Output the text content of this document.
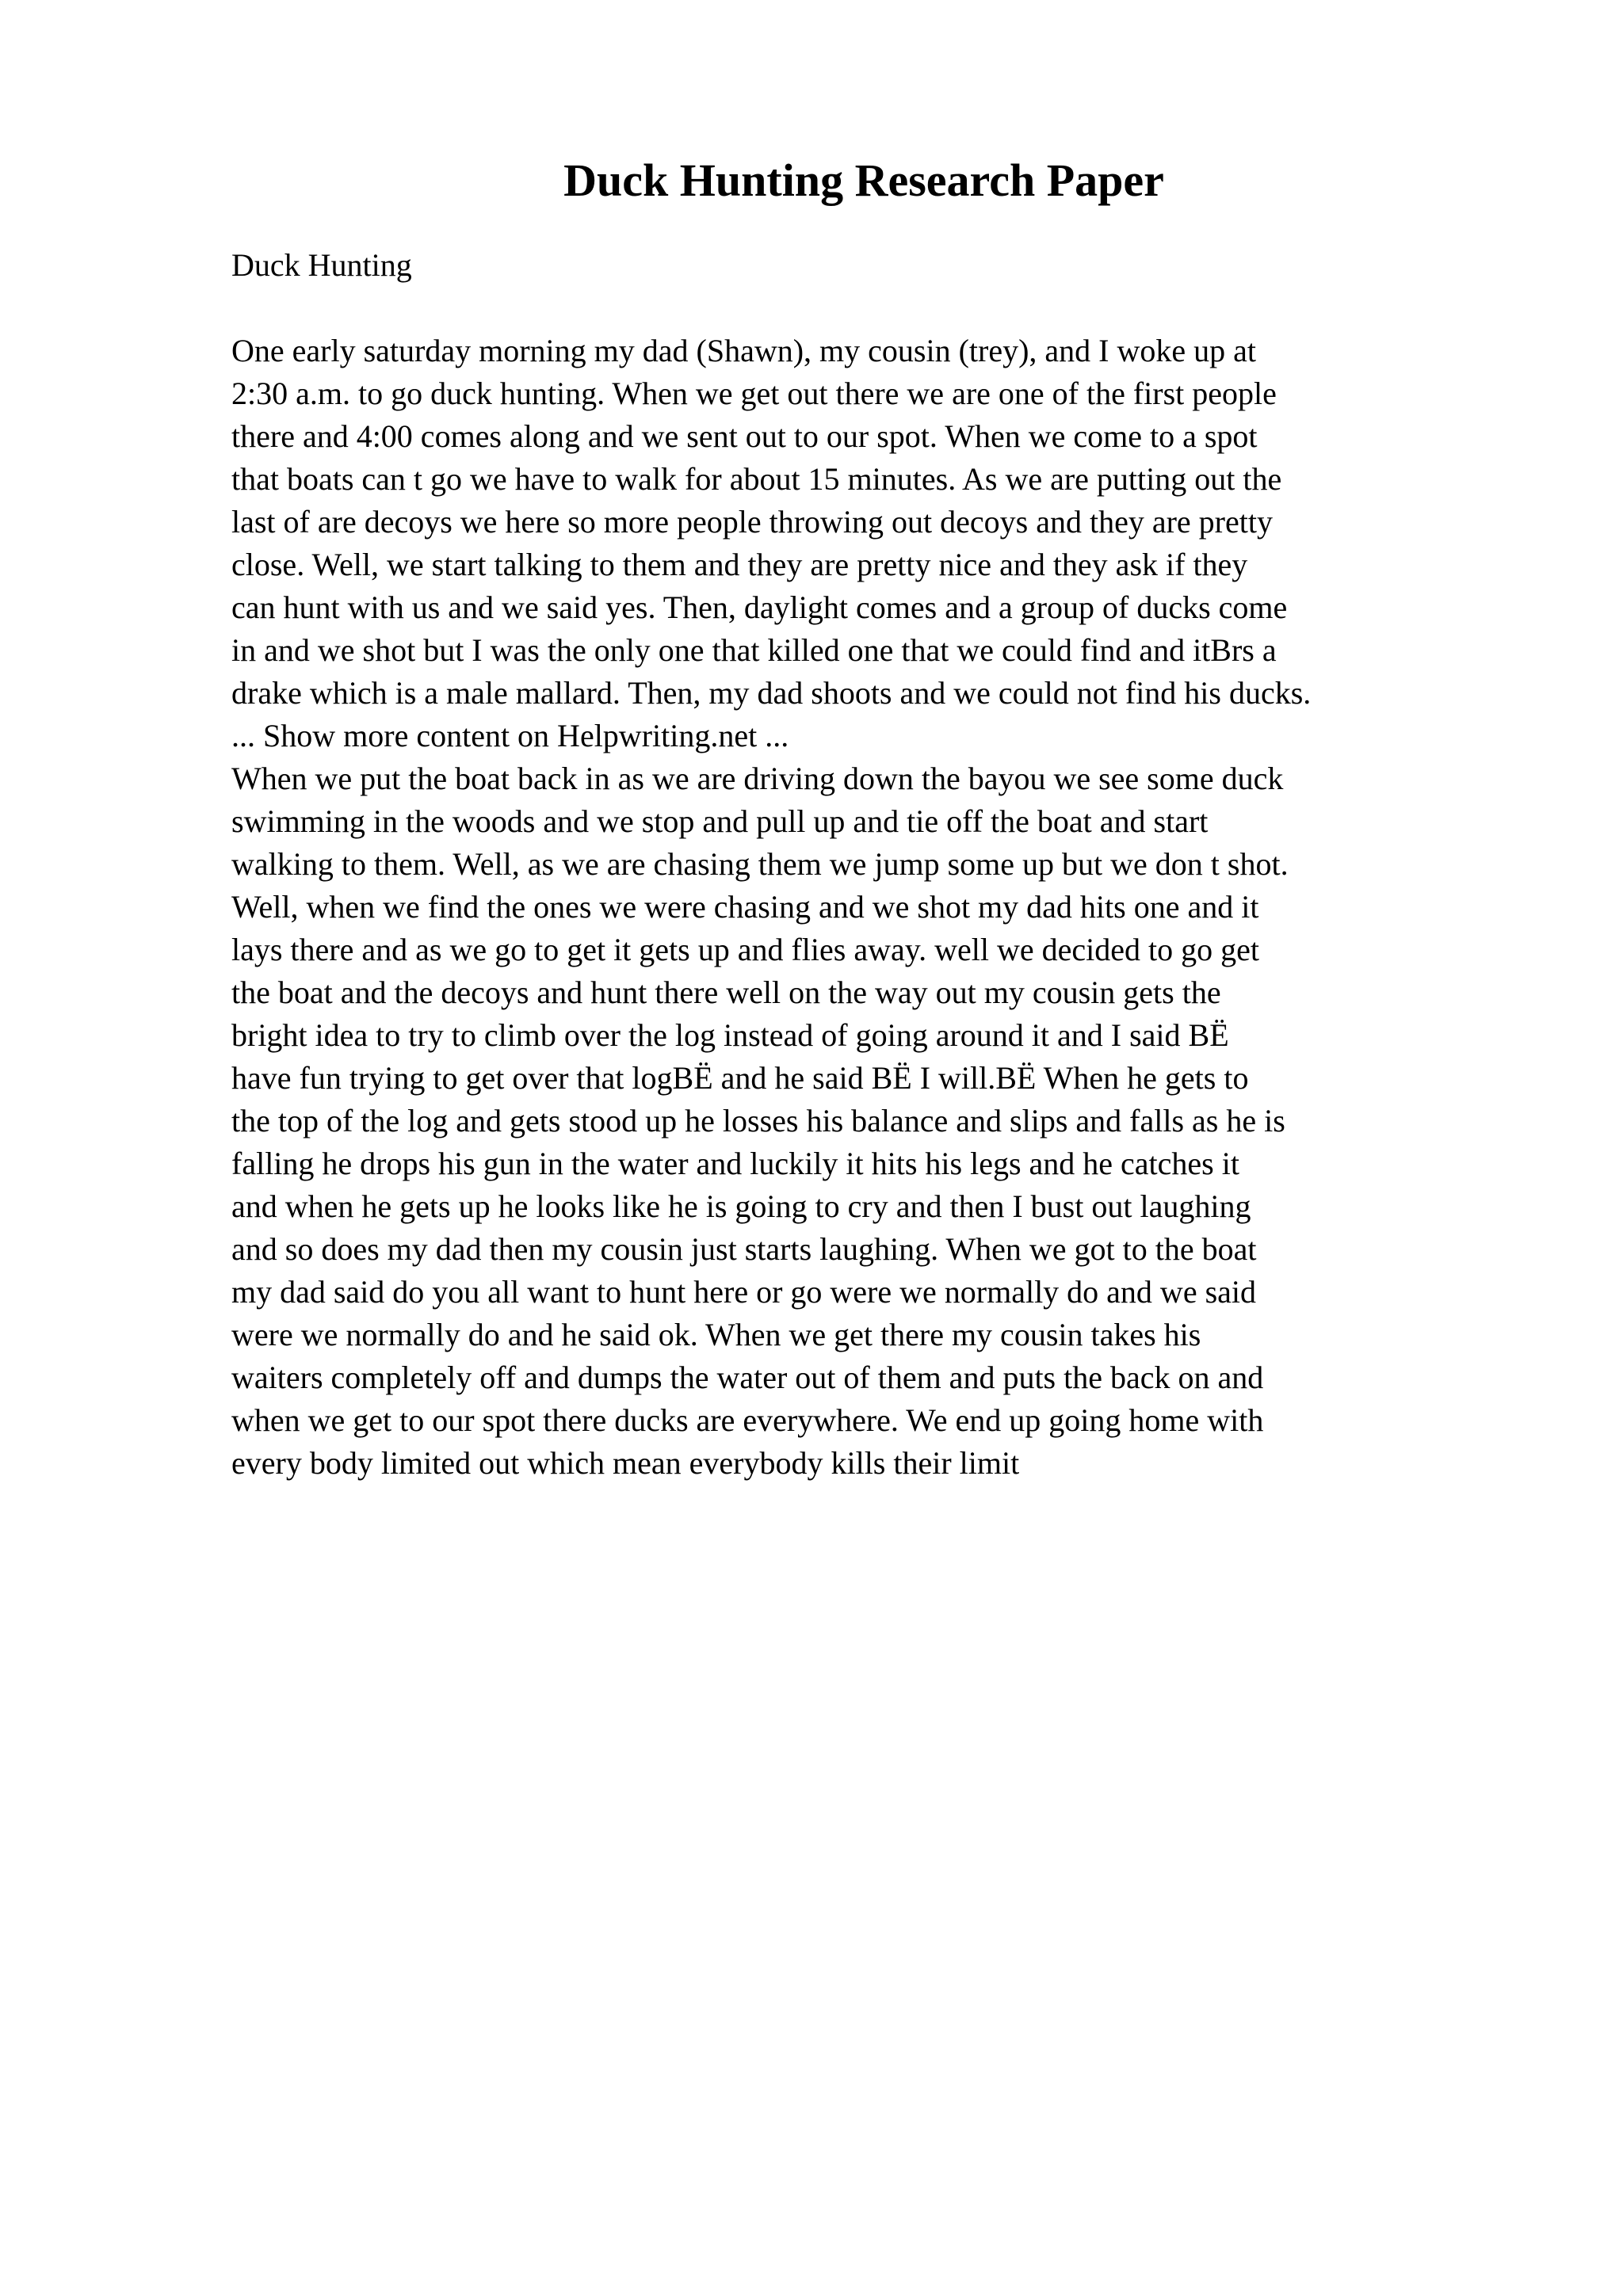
Duck Hunting Research Paper
Duck Hunting
One early saturday morning my dad (Shawn), my cousin (trey), and I woke up at
2:30 a.m. to go duck hunting. When we get out there we are one of the first people
there and 4:00 comes along and we sent out to our spot. When we come to a spot
that boats can t go we have to walk for about 15 minutes. As we are putting out the
last of are decoys we here so more people throwing out decoys and they are pretty
close. Well, we start talking to them and they are pretty nice and they ask if they
can hunt with us and we said yes. Then, daylight comes and a group of ducks come
in and we shot but I was the only one that killed one that we could find and itBrs a
drake which is a male mallard. Then, my dad shoots and we could not find his ducks.
... Show more content on Helpwriting.net ...
When we put the boat back in as we are driving down the bayou we see some duck
swimming in the woods and we stop and pull up and tie off the boat and start
walking to them. Well, as we are chasing them we jump some up but we don t shot.
Well, when we find the ones we were chasing and we shot my dad hits one and it
lays there and as we go to get it gets up and flies away. well we decided to go get
the boat and the decoys and hunt there well on the way out my cousin gets the
bright idea to try to climb over the log instead of going around it and I said BË
have fun trying to get over that logBË and he said BË I will.BË When he gets to
the top of the log and gets stood up he losses his balance and slips and falls as he is
falling he drops his gun in the water and luckily it hits his legs and he catches it
and when he gets up he looks like he is going to cry and then I bust out laughing
and so does my dad then my cousin just starts laughing. When we got to the boat
my dad said do you all want to hunt here or go were we normally do and we said
were we normally do and he said ok. When we get there my cousin takes his
waiters completely off and dumps the water out of them and puts the back on and
when we get to our spot there ducks are everywhere. We end up going home with
every body limited out which mean everybody kills their limit
